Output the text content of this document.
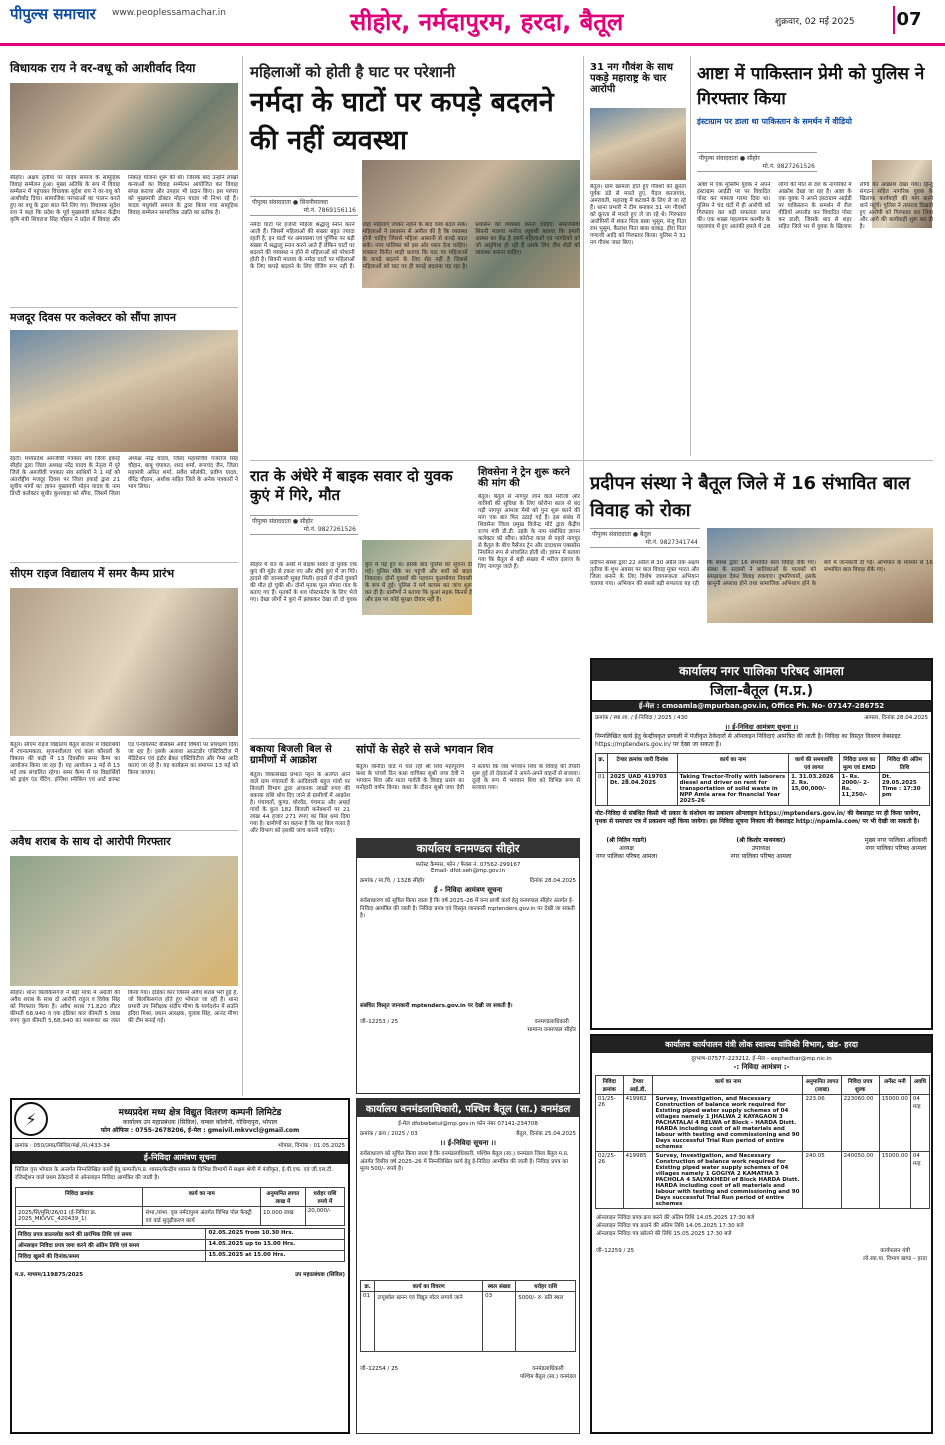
पीपुल्स समाचार www.peoplessamachar.in	सीहोर, नर्मदापुरम, हरदा, बैतूल	शुक्रवार, 02 मई 2025 07
विधायक राय ने वर-वधू को आशीर्वाद दिया
सीहोर। अक्षय तृतीया पर यादव समाज के सामूहिक विवाह सम्मेलन हुआ। मुख्य अतिथि के रूप में विवाह सम्मेलन में पहुंचकर विधायक सुदेश राय ने वर-वधू को आशीर्वाद दिया। सामाजिक परंपराओं का पालन करते हुए वर वधू के द्वारा सात फेरे लिए गए। विधायक सुदेश राय ने कहा कि प्रदेश के पूर्व मुख्यमंत्री वर्तमान केंद्रीय कृषि मंत्री शिवराज सिंह चौहान ने प्रदेश में विवाह और निकाह योजना शुरू की थी। जिसके बाद उन्होंने लाखों कन्याओं का विवाह सम्मेलन आयोजित कर विवाह संपन्न कराया और उपहार भी प्रदान किए। इस परंपरा को मुख्यमंत्री डॉक्टर मोहन यादव भी निभा रहे हैं। यादव मधुवंशी समाज के द्वारा किया गया सामूहिक विवाह सम्मेलन सामाजिक उन्नति का प्रतीक है।
मजदूर दिवस पर कलेक्टर को सौंपा ज्ञापन
रेहटी। मध्यप्रदेश अमजीवी पत्रकार संघ जिला इकाई सीहोर द्वारा जिला अध्यक्ष नरेंद्र यादव के नेतृत्व में पूरे जिले के अमजीवी पत्रकार संघ साथियों ने 1 मई को अंतर्राष्ट्रीय मजदूर दिवस पर जिला इकाई द्वारा 21 सूत्रीय मांगों का ज्ञापन मुख्यमंत्री मोहन यादव के नाम डिप्टी कलेक्टर सुधीर कुशवाहा को सौंपा, जिसमें जिला अध्यक्ष नरेंद्र यादव, जिला महासचिव गजराज सिंह चौहान, बाबू चंपावत, शरद शर्मा, रूपचंद जैन, जिला महामंत्री अमित शर्मा, सर्वेश सोलंकी, प्रवीण यादव, वीरेंद्र चौहान, अशोक सहित जिले के अनेक पत्रकारों ने भाग लिया।
सीएम राइज विद्यालय में समर कैम्प प्रारंभ
बैतूल। सीएम राइज विद्यालय बैतूल बाजार में विद्यार्थियों में रचनात्मकता, सृजनशीलता एवं कला कौशलों के विकास की कड़ी में 13 दिवसीय समर कैम्प का आयोजन किया जा रहा है। यह आयोजन 1 मई से 13 मई तक संचालित रहेगा। समर कैम्प में पर विद्यार्थियों को ड्राइंग एंड पेंटिंग, इंग्लिश स्पीकिंग एवं आर्ट क्राफ्ट एंड एन्वायरमेंट बेसिक्स आदि विषयों पर प्रशिक्षण दिया जा रहा है। इसके अलावा आउटडोर एक्टिविटीज में मेडिटेशन एवं इंडोर ब्रेकर एक्टिविटीज और गेम्स आदि कराए जा रहे हैं। यह कार्यक्रम का समापन 13 मई को किया जाएगा।
अवैध शराब के साथ दो आरोपी गिरफ्तार
सीहोर। थाना बिलकिसगंज ने बड़ी मात्रा में अंग्रेजी की अवैध शराब के साथ दो आरोपी राहुल व विवेक सिंह को गिरफ्तार किया है। अवैध शराब 71.820 लीटर कीमती 68,940 व एक इंडिका कार कीमती 5 लाख रुपए कुल कीमती 5,68,940 का मशरूका का जब्त किया गया। इंडिका कार जिसमें अवैध शराब भरी हुई है, जो बिलकिसगंज होते हुए भोपाल जा रही है। थाना प्रभारी उप निरीक्षक संदीप मीणा के मार्गदर्शन में सउनि इंदिरा मिश्रा, प्रधान आरक्षक, गुलाब सिंह, आनंद मीणा की टीम बनाई गई।
महिलाओं को होती है घाट पर परेशानी
नर्मदा के घाटों पर कपड़े बदलने की नहीं व्यवस्था
पीपुल्स संवाददाता ● सिवनीमालवा
मो.नं. 7869156116
नर्मदा घाटों पर हजारों महिला श्रद्धालु स्नान करने आती हैं। जिसमें महिलाओं की संख्या बहुत ज्यादा रहती है, इन घाटों पर अमावस्या एवं पूर्णिमा पर बड़ी संख्या में श्रद्धालु स्नान करने आते हैं लेकिन घाटों पर बदलने की व्यवस्था न होने से महिलाओं को परेशानी होती है। सिवनी मालवा के नर्मदा घाटों पर महिलाओं के लिए कपड़े बदलने के लिए चेंजिंग रूम नहीं हैं। जहां महिलाएं जाकर नहाने के बाद वस्त्र बदल सकें। महिलाओं ने प्रशासन से अपील की है कि व्यवस्था होनी चाहिए जिससे महिला आसानी से कपड़े बदल सकें। नगर पालिका को इस ओर ध्यान देना चाहिए। पत्रकार विनीत शाही बताया कि घाट पर महिलाओं के कपड़े बदलने के लिए शेड नहीं है जिससे महिलाओं को घाट पर ही कपड़े बदलना पड़ रहा है। प्रशासन को व्यवस्था करना चाहिए। समाजसेवी सिवनी मालवा मनोज रघुवंशी बताया कि हमारी आस्था का केंद्र है इसमें महिलाओं एवं नागरिकों को जो असुविधा हो रही है उसके लिए टीम शेडों को व्यवस्था कराना चाहिए।
31 नग गौवंश के साथ पकड़े महाराष्ट्र के चार आरोपी
बैतूल। ग्राम खामला होते हुए गौवंशों को क्रूरता पूर्वक डंडे से मारते हुए, पैदल करजगांव, अमरावती, महाराष्ट्र में कटवाने के लिए ले जा रहे हैं। थाना प्रभारी ने टीम बनाकर 31 नग गौवंशों को क्रूरता से मारते हुए ले जा रहे थे। गिरफ्तार आरोपियों में शंकर पिता बाबा भुसुम, मंजू पिता राम भुसुम, कैलाश पिता बाबा धाकड़, हीरा पिता गणाजी आदि को गिरफ्तार किया। पुलिस ने 31 नग गौवंश जब्त किए।
आष्टा में पाकिस्तान प्रेमी को पुलिस ने गिरफ्तार किया
इंस्टाग्राम पर डाला था पाकिस्तान के समर्थन में वीडियो
पीपुल्स संवाददाता ● सीहोर
मो.नं. 9827261526
आष्टा में एक मुस्लिम युवक ने अपने इंस्टाग्राम आईडी पर पर विवादित पोस्ट कर मामला गरमा दिया था। पुलिस ने चंद घंटों में ही आरोपी को गिरफ्तार कर बड़ी सफलता प्राप्त की। एक शख्स पहलगाम कश्मीर के पहलगांव में हुए आतंकी हमले में 28 लोगों की मौत से देश के नागरिकों में आक्रोश देखा जा रहा है। आष्टा के एक युवक ने अपने इंस्टाग्राम आईडी पर पाकिस्तान के समर्थन में रील वीडियो अपलोड कर विवादित पोस्ट कर डाली, जिसके बाद से शहर सहित जिले भर में युवक के खिलाफ लोगों का आक्रोश देखा गया। हिन्दू संगठन सहित नागरिक युवक के खिलाफ कार्यवाही की मांग करने थाने पहुंचे। पुलिस ने तत्परता दिखाते हुए आरोपी को गिरफ्तार कर लिया और आगे की कार्यवाही शुरू कर दी है।
रात के अंधेरे में बाइक सवार दो युवक कुएं में गिरे, मौत
पीपुल्स संवाददाता ● सीहोर
मो.नं. 9827261526
सीहोर में रात के अंधेरे में बाइक सवार दो युवक एक कुएं की मुंडेर से टकरा गए और सीधे कुएं में जा गिरे। हादसे की जानकारी सुबह मिली। हादसे में दोनों युवकों की मौत हो चुकी थी। दोनों मृतक फूल मोगरा गांव के बताए गए हैं। मृतकों के शव पोस्टमार्टम के लिए भेजे गए। देखा लोगों ने कुएं में झांककर देखा तो दो युवक कुएं में पड़े हुए थे। इसके बाद पुलिस को सूचना दी गई। पुलिस मौके पर पहुंची और शवों को बाहर निकाला। दोनों युवकों की पहचान फूलमोगरा निवासी के रूप में हुई। पुलिस ने मर्ग कायम कर जांच शुरू कर दी है। ग्रामीणों ने बताया कि कुआं सड़क किनारे है और इस पर कोई सुरक्षा दीवार नहीं है।
शिवसेना ने ट्रेन शुरू करने की मांग की
बैतूल। बैतूल से नागपुर जाने वाले मरीजों और यात्रियों की सुविधा के लिए कोरोना काल से बंद पड़ी नागपुर आमला मेमो को पुनः शुरू करने की मांग एक बार फिर उठाई गई है। इस संबंध में शिवसेना जिला प्रमुख विजेन्द्र मोटे द्वारा केंद्रीय राज्य मंत्री डी.डी. उइके के नाम संबोधित ज्ञापन कलेक्टर को सौंपा। कोरोना काल से पहले नागपुर से बैतूल के बीच पैसेंजर ट्रेन और दादाधाम एक्सप्रेस नियमित रूप से संचालित होती थी। ज्ञापन में बताया गया कि बैतूल से बड़ी संख्या में मरीज इलाज के लिए नागपुर जाते हैं।
बकाया बिजली बिल से ग्रामीणों में आक्रोश
बैतूल। विकासखंड प्रभात पट्टन के अंतर्गत आने वाले ग्राम पंचायतों के आदिवासी बहुल गांवों पर बिजली विभाग द्वारा अचानक लाखों रुपए की बकाया राशि थोप दिए जाने से ग्रामीणों में आक्रोश है। पंचायतों, कुण्ड, धोरवेंड, पंचमऊ और अम्हई गांवों के कुल 182 बिजली कनेक्शनों पर 21 लाख 44 हजार 271 रुपए का बिल थमा दिया गया है। ग्रामीणों का कहना है कि यह बिल गलत है और विभाग को इसकी जांच करनी चाहिए।
सांपों के सेहरे से सजे भगवान शिव
बैतूल। बिनौदा वार्ड में चल रही श्री शिव महापुराण कथा के पांचवें दिन कथा वाचिका सुश्री जया देवी ने भगवान शिव और माता पार्वती के विवाह प्रसंग का मनोहारी वर्णन किया। कथा के दौरान सुश्री जया देवी ने बताया कि जब भगवान शिव के विवाह की तैयारी शुरू हुई तो देवताओं ने अपने-अपने वाहनों से सजाया। दूल्हे के रूप में भगवान शिव को विभिन्न रूप से सजाया गया।
प्रदीपन संस्था ने बैतूल जिले में 16 संभावित बाल विवाह को रोका
पीपुल्स संवाददाता ● बैतूल
मो.नं. 9827341744
प्रदीपन संस्था द्वारा 22 अप्रैल से 30 अप्रैल तक अक्षय तृतीया के शुभ अवसर पर बाल विवाह मुक्त भारत और जिला बनाने के लिए विशेष जागरूकता अभियान चलाया गया। अभियान की सबसे बड़ी सफलता यह रही कि संस्था द्वारा 16 संभावित बाल विवाह रोके गए। संस्था के सदस्यों ने बालिकाओं के पालकों को समझाइश देकर विवाह रुकवाए। दुष्परिणामों, इसके कानूनी अपराध होने तथा सामाजिक अभिशाप होने के बारे में जानकारी दी गई। अभियान के माध्यम से 16 संभावित बाल विवाह रोके गए।
कार्यालय नगर पालिका परिषद आमला
जिला-बैतूल (म.प्र.)
ई-मेल : cmoamla@mpurban.gov.in, Office Ph. No- 07147-286752
क्रमांक / स्था.शा. / ई-निविदा / 2025 / 430	आमला, दिनांक 28.04.2025
।। ई-निविदा आमंत्रण सूचना ।।
निम्नलिखित कार्य हेतु केन्द्रीयकृत प्रणाली में पंजीकृत ठेकेदारों से ऑनलाइन निविदाएं आमंत्रित की जाती है। निविदा का विस्तृत विवरण वेबसाइट https://mptenders.gov.in/ पर देखा जा सकता है।
क्र.	टेण्डर क्रमांक जारी दिनांक	कार्य का नाम	कार्य की समयावधि एवं लागत	निविदा प्रपत्र का मूल्य एवं EMD	निविदा की अंतिम तिथि
01	2025_UAD_419703 Dt. 28.04.2025	Taking Tractor-Trolly with laborers diesel and driver on rent for transportation of solid waste in NPP Amla area for financial Year 2025-26	1. 31.03.2026 2. Rs. 15,00,000/-	1- Rs. 2000/- 2- Rs. 11,250/-	Dt. 29.05.2025 Time : 17:30 pm
नोट–निविदा से संबंधित किसी भी प्रकार के संशोधन का प्रकाशन ऑनलाइन https://mptenders.gov.in/ की वेबसाइट पर ही किया जायेगा, पृथक से समाचार पत्र में प्रकाशन नहीं किया जायेगा। इस निविदा सूचना निकाय की वेबसाइट http://npamla.com/ पर भी देखी जा सकती है।
(श्री नितिन गाडगे)
अध्यक्ष
नगर पालिका परिषद आमला
(श्री किशोर माथनकर)
उपाध्यक्ष
नगर पालिका परिषद आमला
मुख्य नगर पालिका अधिकारी
नगर पालिका परिषद आमला
कार्यालय वनमण्डल सीहोर
फारेस्ट कैम्पस, फोन / फैक्स नं. 07562-299167
Email- dfot.seh@mp.gov.in
क्रमांक / मा.चि. / 1328 सीहोर	दिनांक 28.04.2025
ई - निविदा आमंत्रण सूचना
सर्वसाधारण को सूचित किया जाता है कि वर्ष 2025–26 में वन्य प्राणी कार्य हेतु वनमण्डल सीहोर अंतर्गत ई-निविदा आमंत्रित की जाती है। निविदा प्रपत्र एवं विस्तृत जानकारी mptenders.gov.in पर देखी जा सकती है।
संबंधित विस्तृत जानकारी mptenders.gov.in पर देखी जा सकती है।
जी–12253 / 25	वनमण्डलाधिकारी
सामान्य वनमण्डल सीहोर
कार्यालय वनमंडलाधिकारी, पश्चिम बैतूल (सा.) वनमंडल
ई-मेल dfobwbetul@mp.gov.in फोन नंबर 07141-234708
क्रमांक / क्रय / 2025 / 03	बैतूल, दिनांक 25.04.2025
।। ई-निविदा सूचना ।।
सर्वसाधारण को सूचित किया जाता है कि वनमंडलाधिकारी, पश्चिम बैतूल (सा.) वनमंडल जिला बैतूल म.प्र. अंतर्गत वित्तीय वर्ष 2025–26 में निम्नलिखित कार्य हेतु ई-निविदा आमंत्रित की जाती है। निविदा प्रपत्र का मूल्य 500/- रुपये है।
क्र.	कार्य का विवरण	स्थल संख्या	धरोहर राशि
01	टायूबवेल खनन एवं विद्युत मोटर लगाये जाने	03	5000/- रु. प्रति स्थल
जी–12254 / 25	वनमंडलाधिकारी
पश्चिम बैतूल (सा.) वनमंडल
⚡	मध्यप्रदेश मध्य क्षेत्र विद्युत वितरण कम्पनी लिमिटेड
कार्यालय उप महाप्रबंधक (सिविल), चम्बल कॉलोनी, गोविन्दपुरा, भोपाल
फोन ऑफिस : 0755-2678206, ई-मेल : gmeivil.mkvvcl@gmail.com
क्रमांक : 050/उमप्र/सिविल/मंक्षे./सं./433-34	भोपाल, दिनांक : 01.05.2025
ई-निविदा आमंत्रण सूचना
सिविल वृत्त भोपाल के अन्तर्गत निम्नलिखित कार्यों हेतु कम्पनी/म.प्र. शासन/केन्द्रीय शासन के विभिन्न विभागों में सक्षम श्रेणी में पंजीकृत, ई.पी.एफ. एवं जी.एस.टी. रजिस्ट्रेशन वाले प्रथम ठेकेदारों से ऑनलाइन निविदा आमंत्रित की जाती है।
निविदा क्रमांक	कार्य का नाम	अनुमानित लागत लाख में	धरोहर राशि रुपये में
2025/सि/मुसि/26/01 (ई-निविदा क्र. 2025_MKVVC_420439_1)	संभा./संभा. वृत्त नर्मदापुरम अंतर्गत विभिन्न पोल फैक्ट्री एवं वार्ड सुदृढ़ीकरण कार्य	10.000 लाख	20,000/-
निविदा प्रपत्र डाउनलोड करने की प्रारंभिक तिथि एवं समय	02.05.2025 from 10.30 Hrs.
ऑनलाइन निविदा प्रपत्र जमा करने की अंतिम तिथि एवं समय	14.05.2025 up to 15.00 Hrs.
निविदा खुलने की दिनांक/समय	15.05.2025 at 15.00 Hrs.
म.प्र. माध्यम/119875/2025	उप महाप्रबंधक (सिविल)
कार्यालय कार्यपालन यंत्री लोक स्वास्थ्य यांत्रिकी विभाग, खंड- हरदा
दूरभाष–07577–223212, ई–मेल – eephedhar@mp.nic.in
-: निविदा आमंत्रण :-
निविदा क्रमांक	टेण्डर आई.डी.	कार्य का नाम	अनुमानित लागत (लाख)	निविदा प्रपत्र शुल्क	अर्नेस्ट मनी	अवधि
01/25-26	419982	Survey, Investigation, and Necessary Construction of balance work required for Existing piped water supply schemes of 04 villages namely 1 JHALWA 2 KAYAGAON 3 PACHATALAI 4 RELWA of Block – HARDA Distt. HARDA including cost of all materials and labour with testing and commissioning and 90 Days successful Trial Run period of entire schemes	223.06	223060.00	15000.00	04 माह
02/25-26	419985	Survey, Investigation, and Necessary Construction of balance work required for Existing piped water supply schemes of 04 villages namely 1 GOGIYA 2 KAMATHA 3 PACHOLA 4 SALYAKHEDI of Block HARDA Distt. HARDA including cost of all materials and labour with testing and commissioning and 90 Days successful Trial Run period of entire schemes	240.05	240050.00	15000.00	04 माह
ऑनलाइन निविदा प्रपत्र क्रय करने की अंतिम तिथि 14.05.2025 17:30 बजे
ऑनलाइन निविदा पत्र डालने की अंतिम तिथि 14.05.2025 17:30 बजे
ऑनलाइन निविदा पत्र खोलने की तिथि 15.05.2025 17:30 बजे
जी–12259 / 25	कार्यपालन यंत्री
लो.स्वा.या. विभाग खण्ड – हरदा
